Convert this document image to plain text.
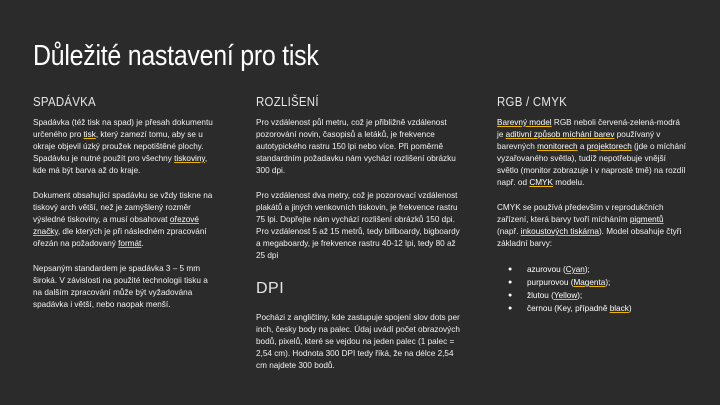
Důležité nastavení pro tisk
SPADÁVKA

Spadávka (též tisk na spad) je přesah dokumentu určeného pro tisk, který zamezí tomu, aby se u okraje objevil úzký proužek nepotištěné plochy. Spadávku je nutné použít pro všechny tiskoviny, kde má být barva až do kraje.

Dokument obsahující spadávku se vždy tiskne na tiskový arch větší, než je zamýšlený rozměr výsledné tiskoviny, a musí obsahovat ořezové značky, dle kterých je při následném zpracování ořezán na požadovaný formát.

Nepsaným standardem je spadávka 3 – 5 mm široká. V závislosti na použité technologii tisku a na dalším zpracování může být vyžadována spadávka i větší, nebo naopak menší.

ROZLIŠENÍ

Pro vzdálenost půl metru, což je přibližně vzdálenost pozorování novin, časopisů a letáků, je frekvence autotypického rastru 150 lpi nebo více. Při poměrně standardním požadavku nám vychází rozlišení obrázku 300 dpi.

Pro vzdálenost dva metry, což je pozorovací vzdálenost plakátů a jiných venkovních tiskovin, je frekvence rastru 75 lpi. Dopřejte nám vychází rozlišení obrázků 150 dpi. Pro vzdálenost 5 až 15 metrů, tedy billboardy, bigboardy a megaboardy, je frekvence rastru 40-12 lpi, tedy 80 až 25 dpi

DPI

Pocházi z angličtiny, kde zastupuje spojení slov dots per inch, česky body na palec. Údaj uvádí počet obrazových bodů, pixelů, které se vejdou na jeden palec (1 palec = 2,54 cm). Hodnota 300 DPI tedy říká, že na délce 2,54 cm najdete 300 bodů.

RGB / CMYK

Barevný model RGB neboli červená-zelená-modrá je aditivní způsob míchání barev používaný v barevných monitorech a projektorech (jde o míchání vyzařovaného světla), tudíž nepotřebuje vnější světlo (monitor zobrazuje i v naprosté tmě) na rozdíl např. od CMYK modelu.

CMYK se používá především v reprodukčních zařízení, která barvy tvoří mícháním pigmentů (např. inkoustových tiskárna). Model obsahuje čtyři základní barvy:

● azurovou (Cyan);
● purpurovou (Magenta);
● žlutou (Yellow);
● černou (Key, případně black)
